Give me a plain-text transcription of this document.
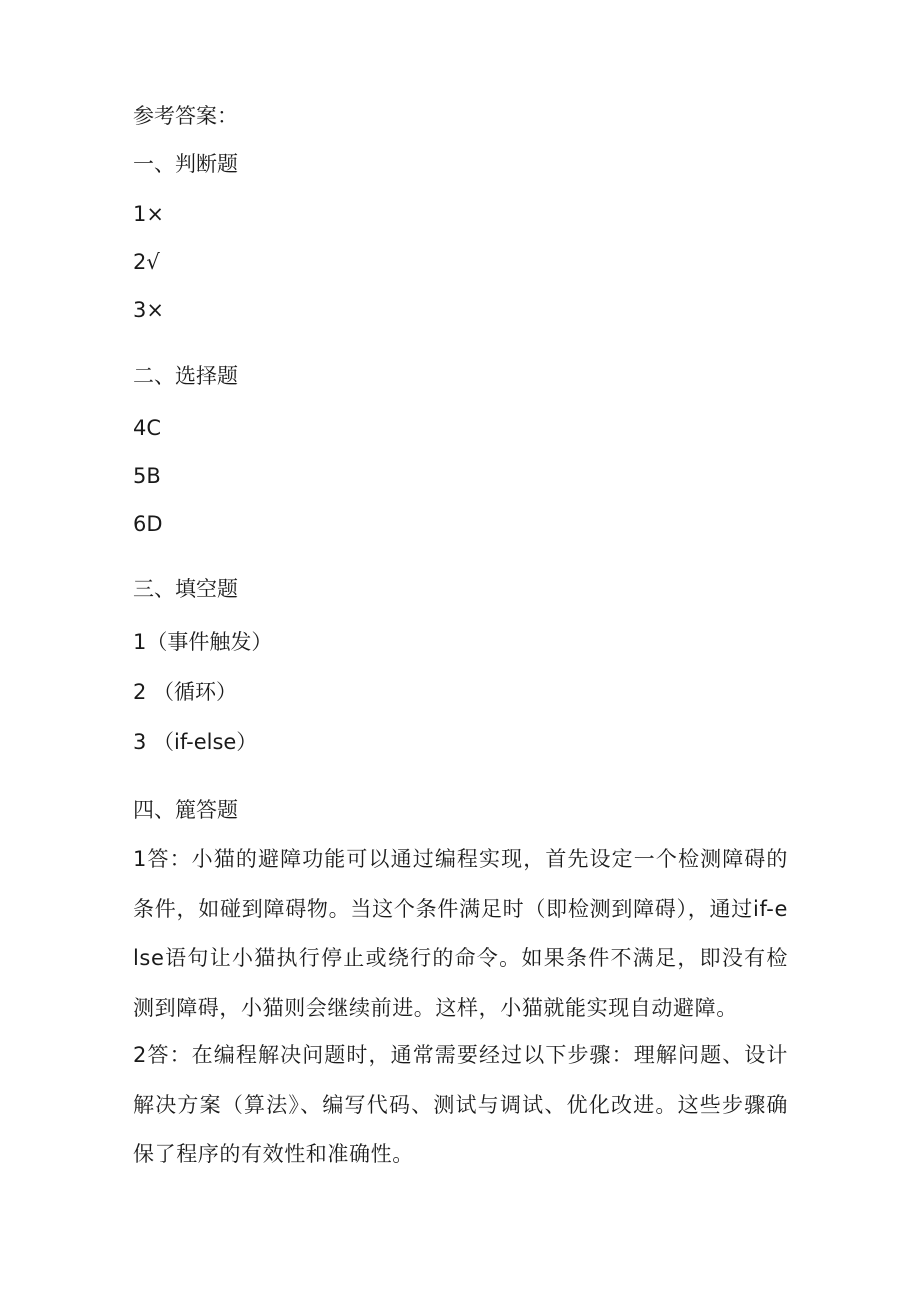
参考答案：
一、判断题
1×
2√
3×
二、选择题
4C
5B
6D
三、填空题
1（事件触发）
2 （循环）
3 （if-else）
四、簏答题
1答：小猫的避障功能可以通过编程实现，首先设定一个检测障碍的条件，如碰到障碍物。当这个条件满足时（即检测到障碍），通过if-else语句让小猫执行停止或绕行的命令。如果条件不满足，即没有检测到障碍，小猫则会继续前进。这样，小猫就能实现自动避障。
2答：在编程解决问题时，通常需要经过以下步骤：理解问题、设计解决方案（算法》、编写代码、测试与调试、优化改进。这些步骤确保了程序的有效性和准确性。
